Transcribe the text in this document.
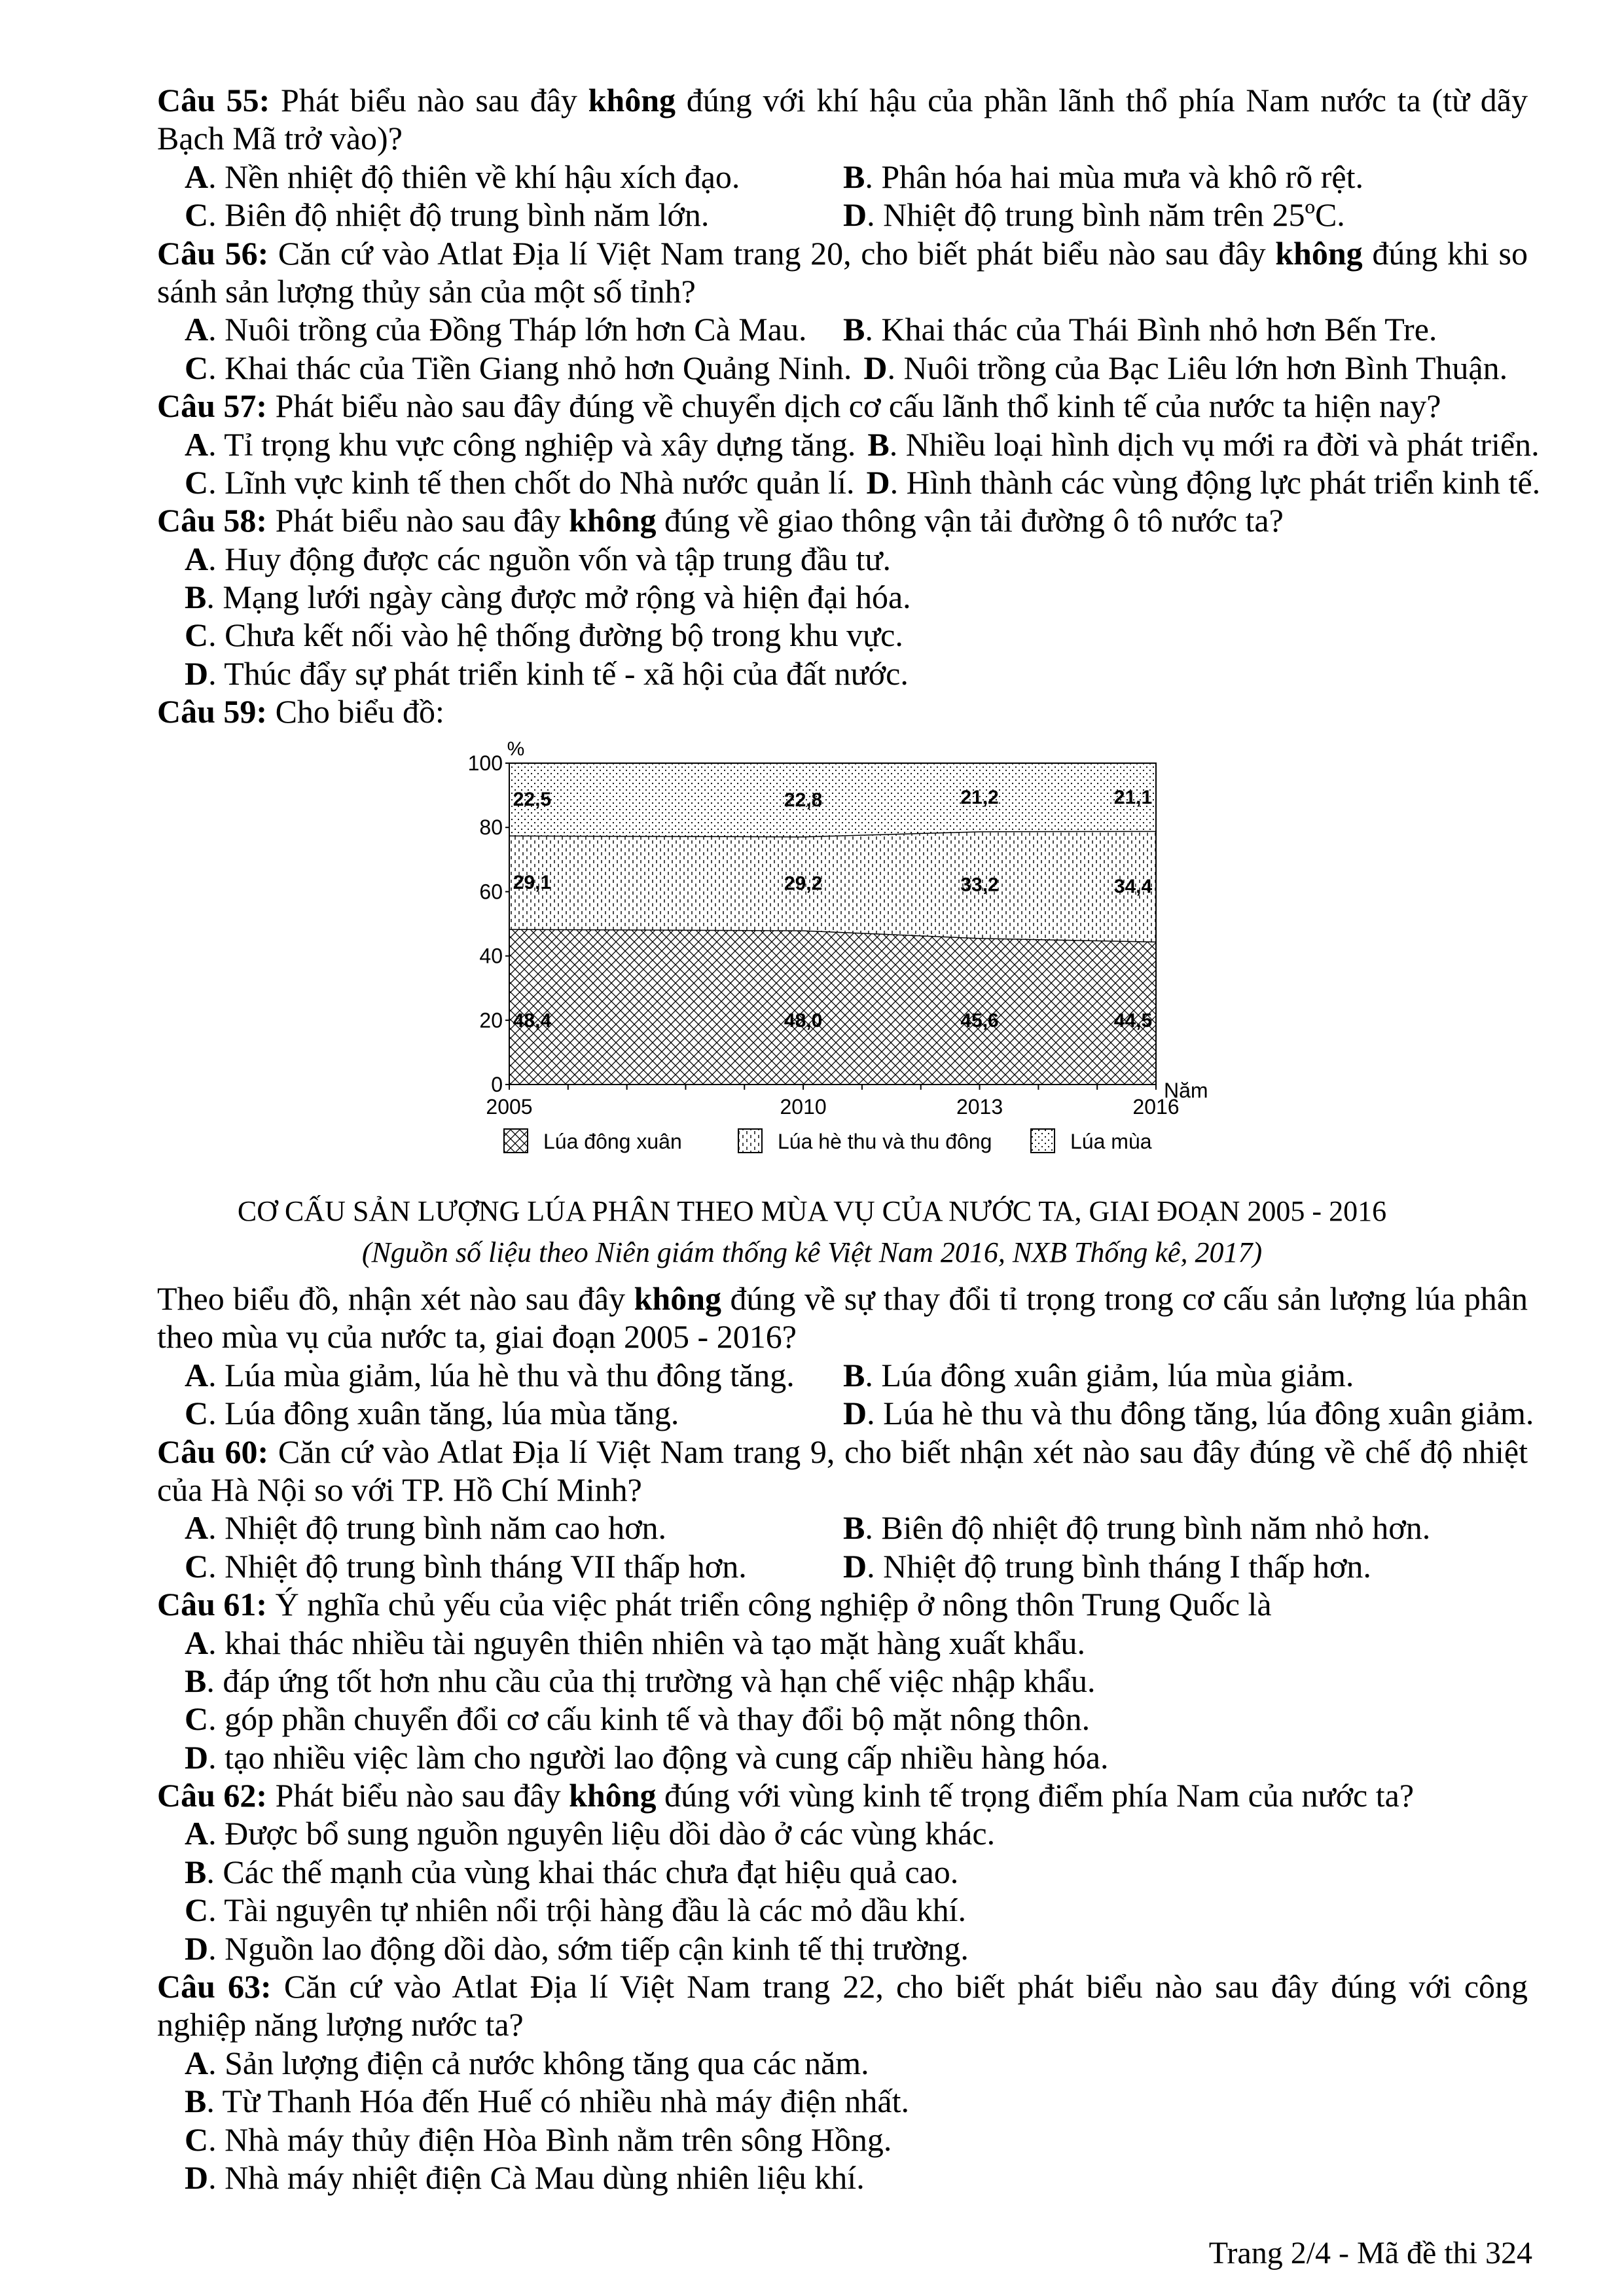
Câu 55: Phát biểu nào sau đây không đúng với khí hậu của phần lãnh thổ phía Nam nước ta (từ dãy
Bạch Mã trở vào)?
A. Nền nhiệt độ thiên về khí hậu xích đạo.	B. Phân hóa hai mùa mưa và khô rõ rệt.
C. Biên độ nhiệt độ trung bình năm lớn.	D. Nhiệt độ trung bình năm trên 25ºC.
Câu 56: Căn cứ vào Atlat Địa lí Việt Nam trang 20, cho biết phát biểu nào sau đây không đúng khi so
sánh sản lượng thủy sản của một số tỉnh?
A. Nuôi trồng của Đồng Tháp lớn hơn Cà Mau.	B. Khai thác của Thái Bình nhỏ hơn Bến Tre.
C. Khai thác của Tiền Giang nhỏ hơn Quảng Ninh. D. Nuôi trồng của Bạc Liêu lớn hơn Bình Thuận.
Câu 57: Phát biểu nào sau đây đúng về chuyển dịch cơ cấu lãnh thổ kinh tế của nước ta hiện nay?
A. Tỉ trọng khu vực công nghiệp và xây dựng tăng. B. Nhiều loại hình dịch vụ mới ra đời và phát triển.
C. Lĩnh vực kinh tế then chốt do Nhà nước quản lí. D. Hình thành các vùng động lực phát triển kinh tế.
Câu 58: Phát biểu nào sau đây không đúng về giao thông vận tải đường ô tô nước ta?
A. Huy động được các nguồn vốn và tập trung đầu tư.
B. Mạng lưới ngày càng được mở rộng và hiện đại hóa.
C. Chưa kết nối vào hệ thống đường bộ trong khu vực.
D. Thúc đẩy sự phát triển kinh tế - xã hội của đất nước.
Câu 59: Cho biểu đồ:
48,4	48,0	45,6	44,5
29,1	29,2	33,2	34,4
22,5	22,8	21,2	21,1
0
20
40
60
80
100
2005	2010	2013	2016
%
Năm
Lúa đông xuân	Lúa hè thu và thu đông	Lúa mùa
CƠ CẤU SẢN LƯỢNG LÚA PHÂN THEO MÙA VỤ CỦA NƯỚC TA, GIAI ĐOẠN 2005 - 2016
(Nguồn số liệu theo Niên giám thống kê Việt Nam 2016, NXB Thống kê, 2017)
Theo biểu đồ, nhận xét nào sau đây không đúng về sự thay đổi tỉ trọng trong cơ cấu sản lượng lúa phân
theo mùa vụ của nước ta, giai đoạn 2005 - 2016?
A. Lúa mùa giảm, lúa hè thu và thu đông tăng.	B. Lúa đông xuân giảm, lúa mùa giảm.
C. Lúa đông xuân tăng, lúa mùa tăng.	D. Lúa hè thu và thu đông tăng, lúa đông xuân giảm.
Câu 60: Căn cứ vào Atlat Địa lí Việt Nam trang 9, cho biết nhận xét nào sau đây đúng về chế độ nhiệt
của Hà Nội so với TP. Hồ Chí Minh?
A. Nhiệt độ trung bình năm cao hơn.	B. Biên độ nhiệt độ trung bình năm nhỏ hơn.
C. Nhiệt độ trung bình tháng VII thấp hơn.	D. Nhiệt độ trung bình tháng I thấp hơn.
Câu 61: Ý nghĩa chủ yếu của việc phát triển công nghiệp ở nông thôn Trung Quốc là
A. khai thác nhiều tài nguyên thiên nhiên và tạo mặt hàng xuất khẩu.
B. đáp ứng tốt hơn nhu cầu của thị trường và hạn chế việc nhập khẩu.
C. góp phần chuyển đổi cơ cấu kinh tế và thay đổi bộ mặt nông thôn.
D. tạo nhiều việc làm cho người lao động và cung cấp nhiều hàng hóa.
Câu 62: Phát biểu nào sau đây không đúng với vùng kinh tế trọng điểm phía Nam của nước ta?
A. Được bổ sung nguồn nguyên liệu dồi dào ở các vùng khác.
B. Các thế mạnh của vùng khai thác chưa đạt hiệu quả cao.
C. Tài nguyên tự nhiên nổi trội hàng đầu là các mỏ dầu khí.
D. Nguồn lao động dồi dào, sớm tiếp cận kinh tế thị trường.
Câu 63: Căn cứ vào Atlat Địa lí Việt Nam trang 22, cho biết phát biểu nào sau đây đúng với công
nghiệp năng lượng nước ta?
A. Sản lượng điện cả nước không tăng qua các năm.
B. Từ Thanh Hóa đến Huế có nhiều nhà máy điện nhất.
C. Nhà máy thủy điện Hòa Bình nằm trên sông Hồng.
D. Nhà máy nhiệt điện Cà Mau dùng nhiên liệu khí.
Trang 2/4 - Mã đề thi 324
